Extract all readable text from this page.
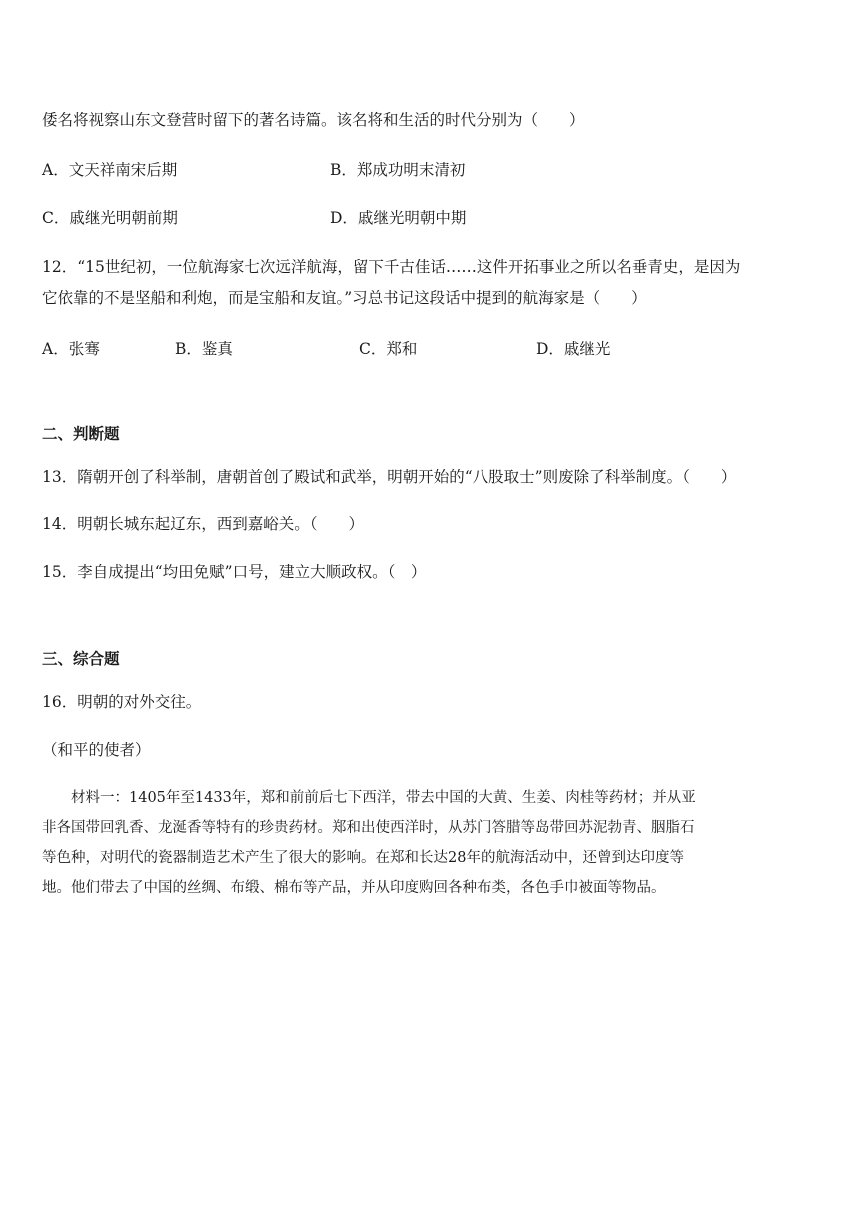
倭名将视察山东文登营时留下的著名诗篇。该名将和生活的时代分别为（　　）
A．文天祥南宋后期	B．郑成功明末清初
C．戚继光明朝前期	D．戚继光明朝中期
12．“15世纪初，一位航海家七次远洋航海，留下千古佳话……这件开拓事业之所以名垂青史，是因为
它依靠的不是坚船和利炮，而是宝船和友谊。”习总书记这段话中提到的航海家是（　　）
A．张骞	B．鉴真	C．郑和	D．戚继光
二、判断题
13．隋朝开创了科举制，唐朝首创了殿试和武举，明朝开始的“八股取士”则废除了科举制度。（　　）
14．明朝长城东起辽东，西到嘉峪关。（　　）
15．李自成提出“均田免赋”口号，建立大顺政权。（　）
三、综合题
16．明朝的对外交往。
（和平的使者）
　　材料一：1405年至1433年，郑和前前后七下西洋，带去中国的大黄、生姜、肉桂等药材；并从亚
非各国带回乳香、龙涎香等特有的珍贵药材。郑和出使西洋时，从苏门答腊等岛带回苏泥勃青、胭脂石
等色种，对明代的瓷器制造艺术产生了很大的影响。在郑和长达28年的航海活动中，还曾到达印度等
地。他们带去了中国的丝绸、布缎、棉布等产品，并从印度购回各种布类，各色手巾被面等物品。
